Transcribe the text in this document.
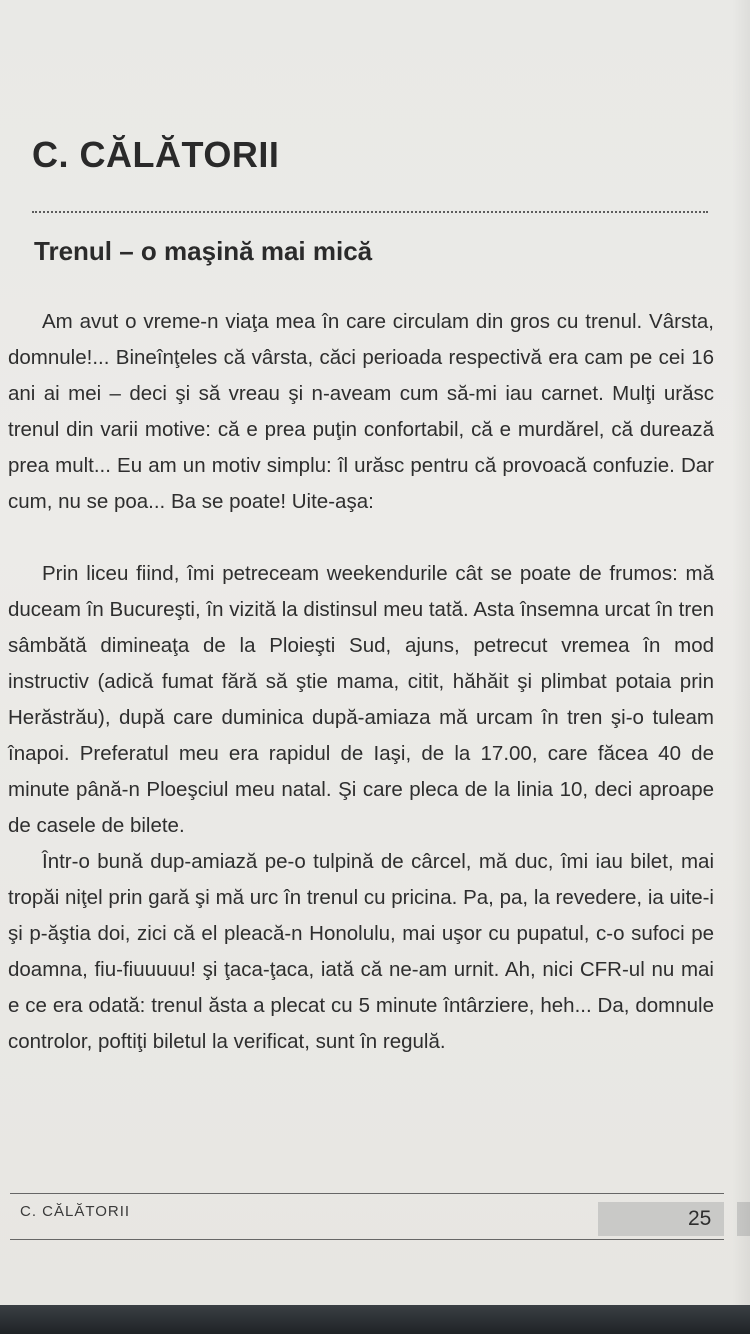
C. CĂLĂTORII
Trenul – o maşină mai mică

Am avut o vreme-n viaţa mea în care circulam din gros cu trenul. Vârsta, domnule!... Bineînţeles că vârsta, căci perioada respectivă era cam pe cei 16 ani ai mei – deci şi să vreau şi n-aveam cum să-mi iau carnet. Mulţi urăsc trenul din varii motive: că e prea puţin confortabil, că e murdărel, că durează prea mult... Eu am un motiv simplu: îl urăsc pentru că provoacă confuzie. Dar cum, nu se poa... Ba se poate! Uite-aşa:

Prin liceu fiind, îmi petreceam weekendurile cât se poate de frumos: mă duceam în Bucureşti, în vizită la distinsul meu tată. Asta însemna urcat în tren sâmbătă dimineaţa de la Ploieşti Sud, ajuns, petrecut vremea în mod instructiv (adică fumat fără să ştie mama, citit, hăhăit şi plimbat potaia prin Herăstrău), după care duminica după-amiaza mă urcam în tren şi-o tuleam înapoi. Preferatul meu era rapidul de Iaşi, de la 17.00, care făcea 40 de minute până-n Ploeşciul meu natal. Şi care pleca de la linia 10, deci aproape de casele de bilete.

Într-o bună dup-amiază pe-o tulpină de cârcel, mă duc, îmi iau bilet, mai tropăi niţel prin gară şi mă urc în trenul cu pricina. Pa, pa, la revedere, ia uite-i şi p-ăştia doi, zici că el pleacă-n Honolulu, mai uşor cu pupatul, c-o sufoci pe doamna, fiu-fiuuuuu! şi ţaca-ţaca, iată că ne-am urnit. Ah, nici CFR-ul nu mai e ce era odată: trenul ăsta a plecat cu 5 minute întârziere, heh... Da, domnule controlor, poftiţi biletul la verificat, sunt în regulă.

C. CĂLĂTORII	25
